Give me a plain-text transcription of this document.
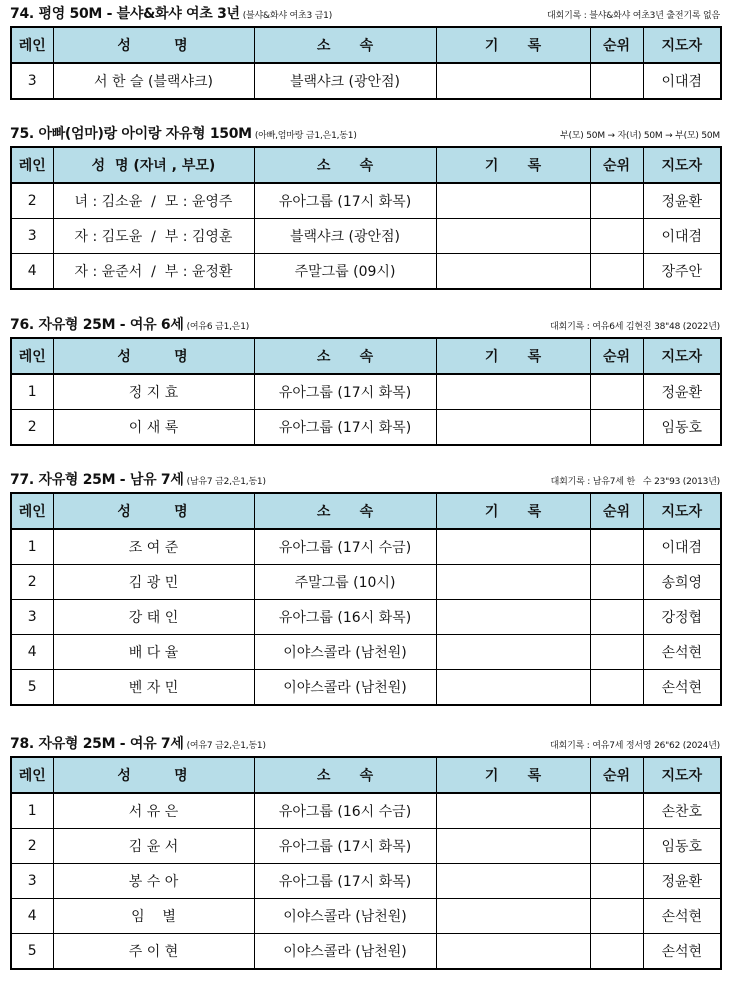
74. 평영 50M - 블샤&화샤 여초 3년 (블샤&화샤 여초3 금1)	대회기록 : 블샤&화샤 여초3년 출전기록 없음
레인	성      명	소      속	기      록	순위	지도자
3	서 한 슬 (블랙샤크)	블랙샤크 (광안점)			이대겸
75. 아빠(엄마)랑 아이랑 자유형 150M (아빠,엄마랑 금1,은1,동1)	부(모) 50M → 자(녀) 50M → 부(모) 50M
레인	성  명 (자녀 , 부모)	소      속	기      록	순위	지도자
2	녀 : 김소윤  /  모 : 윤영주	유아그룹 (17시 화목)			정윤환
3	자 : 김도윤  /  부 : 김영훈	블랙샤크 (광안점)			이대겸
4	자 : 윤준서  /  부 : 윤정환	주말그룹 (09시)			장주안
76. 자유형 25M - 여유 6세 (여유6 금1,은1)	대회기록 : 여유6세 김현진 38"48 (2022년)
레인	성      명	소      속	기      록	순위	지도자
1	정 지 효	유아그룹 (17시 화목)			정윤환
2	이 새 록	유아그룹 (17시 화목)			임동호
77. 자유형 25M - 남유 7세 (남유7 금2,은1,동1)	대회기록 : 남유7세 한   수 23"93 (2013년)
레인	성      명	소      속	기      록	순위	지도자
1	조 여 준	유아그룹 (17시 수금)			이대겸
2	김 광 민	주말그룹 (10시)			송희영
3	강 태 인	유아그룹 (16시 화목)			강정협
4	배 다 율	이야스콜라 (남천원)			손석현
5	벤 자 민	이야스콜라 (남천원)			손석현
78. 자유형 25M - 여유 7세 (여유7 금2,은1,동1)	대회기록 : 여유7세 정서영 26"62 (2024년)
레인	성      명	소      속	기      록	순위	지도자
1	서 유 은	유아그룹 (16시 수금)			손찬호
2	김 윤 서	유아그룹 (17시 화목)			임동호
3	봉 수 아	유아그룹 (17시 화목)			정윤환
4	임    별	이야스콜라 (남천원)			손석현
5	주 이 현	이야스콜라 (남천원)			손석현
